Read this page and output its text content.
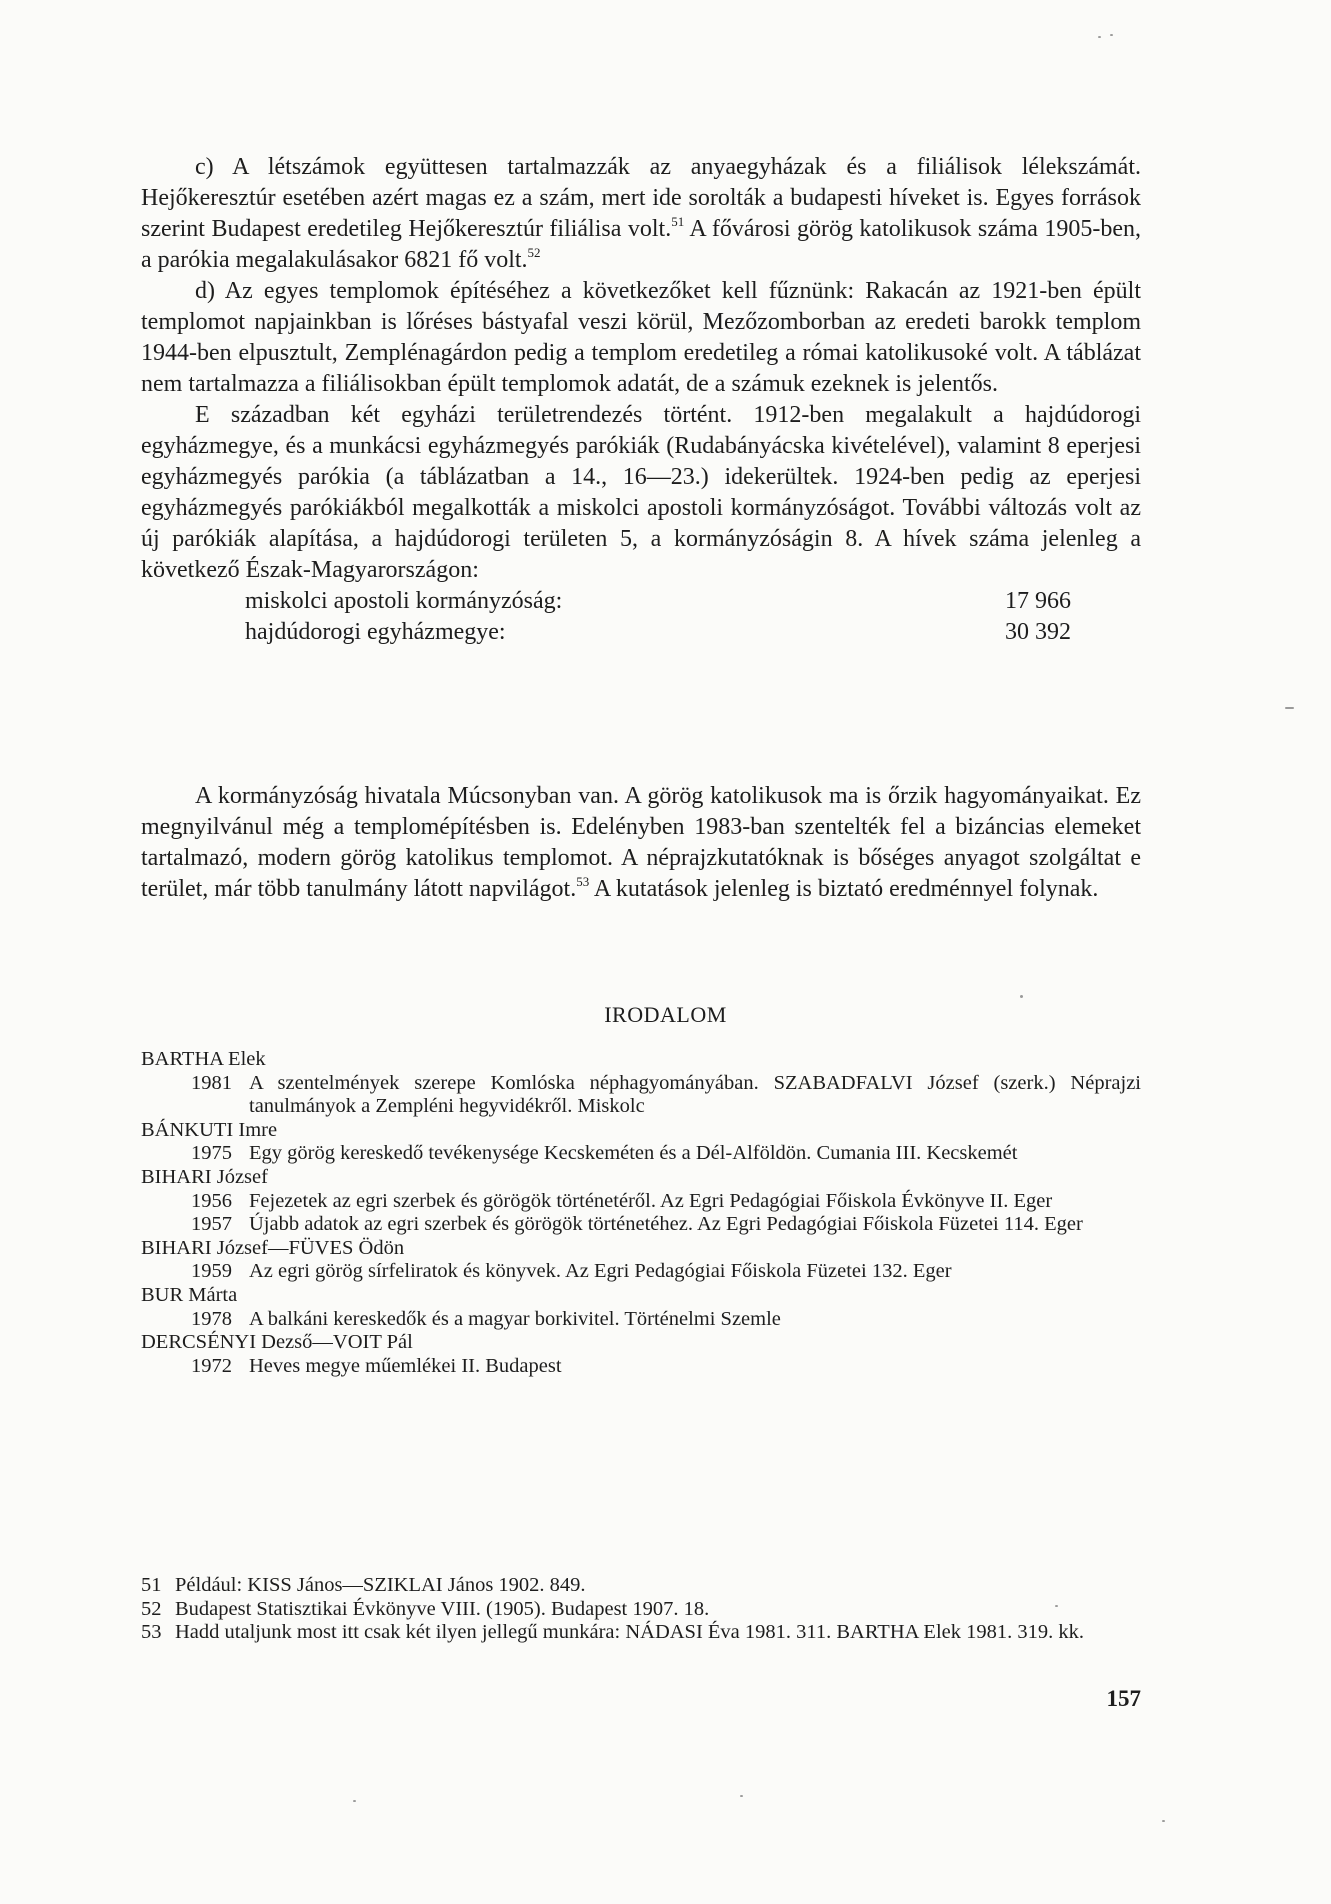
c) A létszámok együttesen tartalmazzák az anyaegyházak és a filiálisok lélekszámát. Hejőkeresztúr esetében azért magas ez a szám, mert ide sorolták a budapesti híveket is. Egyes források szerint Budapest eredetileg Hejőkeresztúr filiálisa volt.$^{51}$ A fővárosi görög katolikusok száma 1905-ben, a parókia megalakulásakor 6821 fő volt.$^{52}$

d) Az egyes templomok építéséhez a következőket kell fűznünk: Rakacán az 1921-ben épült templomot napjainkban is lőréses bástyafal veszi körül, Mezőzomborban az eredeti barokk templom 1944-ben elpusztult, Zemplénagárdon pedig a templom eredetileg a római katolikusoké volt. A táblázat nem tartalmazza a filiálisokban épült templomok adatát, de a számuk ezeknek is jelentős.

E században két egyházi területrendezés történt. 1912-ben megalakult a hajdúdorogi egyházmegye, és a munkácsi egyházmegyés parókiák (Rudabányácska kivételével), valamint 8 eperjesi egyházmegyés parókia (a táblázatban a 14., 16—23.) idekerültek. 1924-ben pedig az eperjesi egyházmegyés parókiákból megalkották a miskolci apostoli kormányzóságot. További változás volt az új parókiák alapítása, a hajdúdorogi területen 5, a kormányzóságin 8. A hívek száma jelenleg a következő Észak-Magyarországon:

miskolci apostoli kormányzóság:	17 966
hajdúdorogi egyházmegye:	30 392

A kormányzóság hivatala Múcsonyban van. A görög katolikusok ma is őrzik hagyományaikat. Ez megnyilvánul még a templomépítésben is. Edelényben 1983-ban szentelték fel a bizáncias elemeket tartalmazó, modern görög katolikus templomot. A néprajzkutatóknak is bőséges anyagot szolgáltat e terület, már több tanulmány látott napvilágot.$^{53}$ A kutatások jelenleg is biztató eredménnyel folynak.

IRODALOM

BARTHA Elek

1981 A szentelmények szerepe Komlóska néphagyományában. SZABADFALVI József (szerk.) Néprajzi tanulmányok a Zempléni hegyvidékről. Miskolc

BÁNKUTI Imre

1975 Egy görög kereskedő tevékenysége Kecskeméten és a Dél-Alföldön. Cumania III. Kecskemét

BIHARI József

1956 Fejezetek az egri szerbek és görögök történetéről. Az Egri Pedagógiai Főiskola Évkönyve II. Eger
1957 Újabb adatok az egri szerbek és görögök történetéhez. Az Egri Pedagógiai Főiskola Füzetei 114. Eger

BIHARI József—FÜVES Ödön

1959 Az egri görög sírfeliratok és könyvek. Az Egri Pedagógiai Főiskola Füzetei 132. Eger

BUR Márta

1978 A balkáni kereskedők és a magyar borkivitel. Történelmi Szemle

DERCSÉNYI Dezső—VOIT Pál

1972 Heves megye műemlékei II. Budapest
51 Például: KISS János—SZIKLAI János 1902. 849.
52 Budapest Statisztikai Évkönyve VIII. (1905). Budapest 1907. 18.
53 Hadd utaljunk most itt csak két ilyen jellegű munkára: NÁDASI Éva 1981. 311. BARTHA Elek 1981. 319. kk.
157
